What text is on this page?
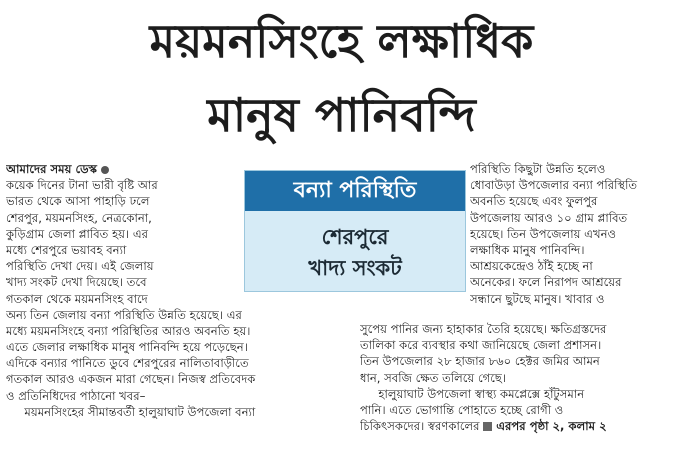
ময়মনসিংহে লক্ষাধিক
মানুষ পানিবন্দি
আমাদের সময় ডেস্ক
কয়েক দিনের টানা ভারী বৃষ্টি আর
ভারত থেকে আসা পাহাড়ি ঢলে
শেরপুর, ময়মনসিংহ, নেত্রকোনা,
কুড়িগ্রাম জেলা প্লাবিত হয়। এর
মধ্যে শেরপুরে ভয়াবহ বন্যা
পরিস্থিতি দেখা দেয়। এই জেলায়
খাদ্য সংকট দেখা দিয়েছে। তবে
গতকাল থেকে ময়মনসিংহ বাদে
অন্য তিন জেলায় বন্যা পরিস্থিতি উন্নতি হয়েছে। এর
মধ্যে ময়মনসিংহে বন্যা পরিস্থিতির আরও অবনতি হয়।
এতে জেলার লক্ষাধিক মানুষ পানিবন্দি হয়ে পড়েছেন।
এদিকে বন্যার পানিতে ডুবে শেরপুরের নালিতাবাড়ীতে
গতকাল আরও একজন মারা গেছেন। নিজস্ব প্রতিবেদক
ও প্রতিনিধিদের পাঠানো খবর–
ময়মনসিংহের সীমান্তবর্তী হালুয়াঘাট উপজেলা বন্যা
বন্যা পরিস্থিতি
শেরপুরে
খাদ্য সংকট
পরিস্থিতি কিছুটা উন্নতি হলেও
ধোবাউড়া উপজেলার বন্যা পরিস্থিতি
অবনতি হয়েছে এবং ফুলপুর
উপজেলায় আরও ১০ গ্রাম প্লাবিত
হয়েছে। তিন উপজেলায় এখনও
লক্ষাধিক মানুষ পানিবন্দি।
আশ্রয়কেন্দ্রেও ঠাঁই হচ্ছে না
অনেকের। ফলে নিরাপদ আশ্রয়ের
সন্ধানে ছুটছে মানুষ। খাবার ও
সুপেয় পানির জন্য হাহাকার তৈরি হয়েছে। ক্ষতিগ্রস্তদের
তালিকা করে ব্যবস্থার কথা জানিয়েছে জেলা প্রশাসন।
তিন উপজেলার ২৮ হাজার ৮৬০ হেক্টর জমির আমন
ধান, সবজি ক্ষেত তলিয়ে গেছে।
হালুয়াঘাট উপজেলা স্বাস্থ্য কমপ্লেক্সে হাঁটুসমান
পানি। এতে ভোগান্তি পোহাতে হচ্ছে রোগী ও
চিকিৎসকদের। স্বরণকালের এরপর পৃষ্ঠা ২, কলাম ২
